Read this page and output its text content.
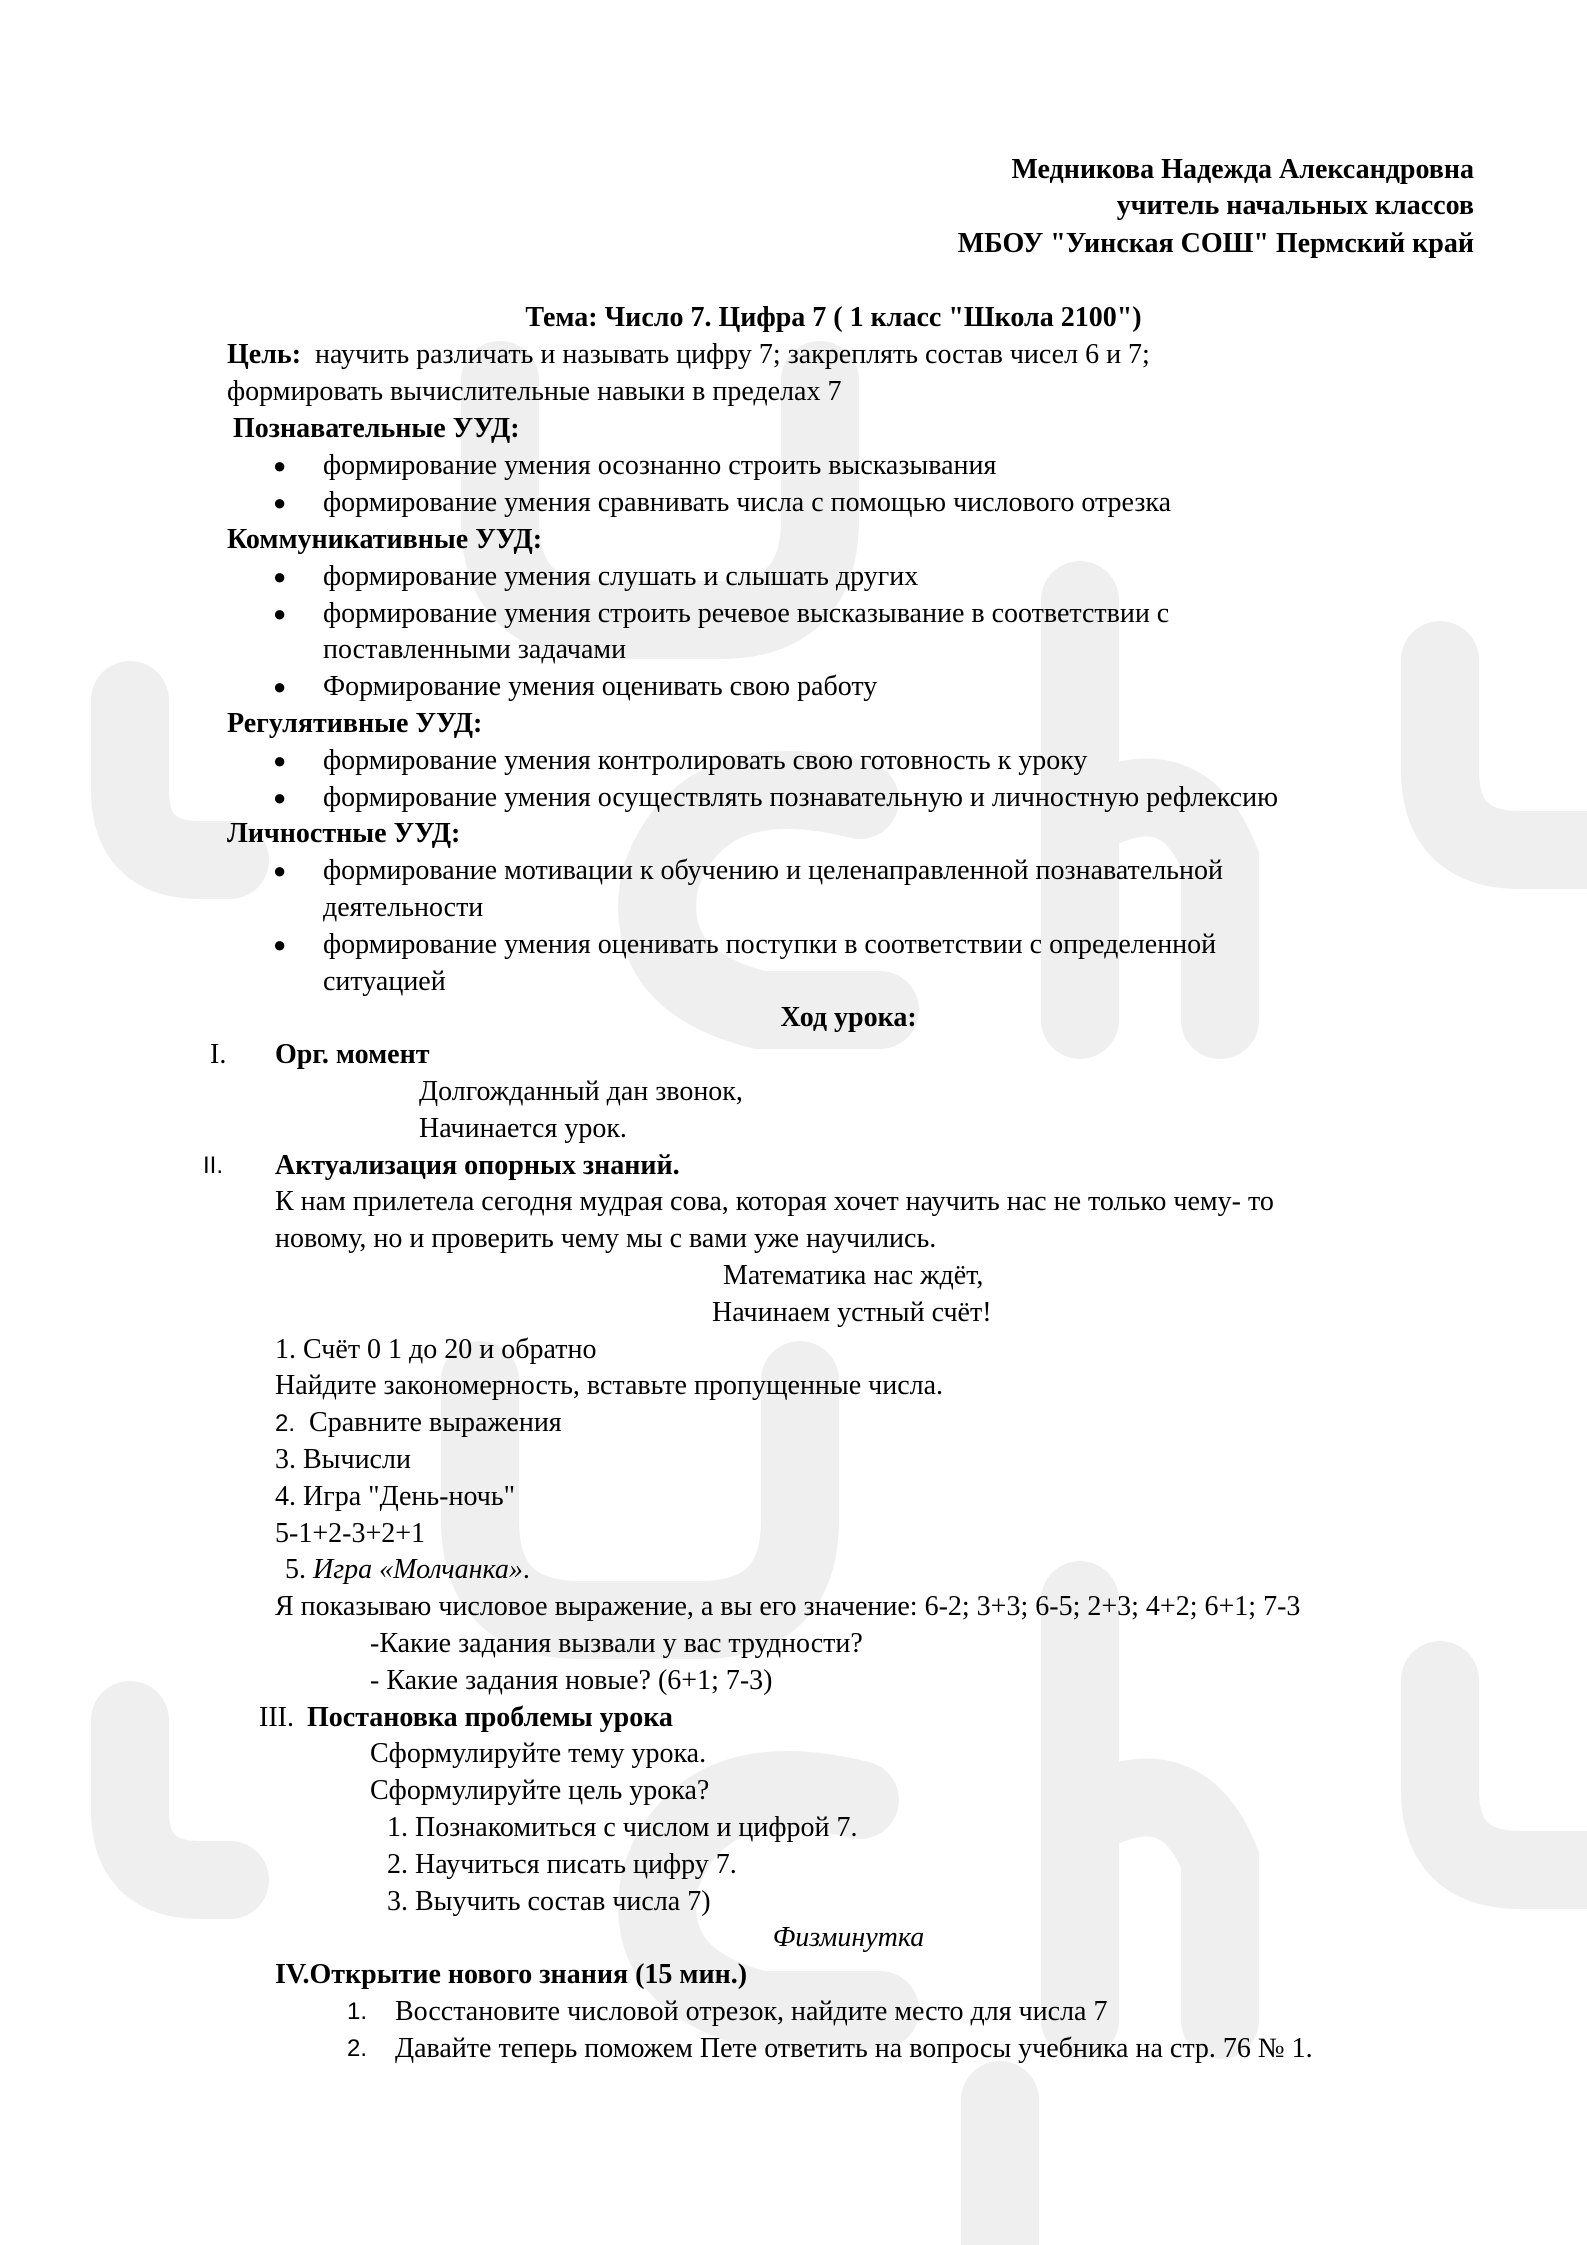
Медникова Надежда Александровна
учитель начальных классов
МБОУ "Уинская СОШ" Пермский край
Тема: Число 7. Цифра 7 ( 1 класс "Школа 2100")
Цель: научить различать и называть цифру 7; закреплять состав чисел 6 и 7;
формировать вычислительные навыки в пределах 7
Познавательные УУД:
● формирование умения осознанно строить высказывания
● формирование умения сравнивать числа с помощью числового отрезка
Коммуникативные УУД:
● формирование умения слушать и слышать других
● формирование умения строить речевое высказывание в соответствии с
поставленными задачами
● Формирование умения оценивать свою работу
Регулятивные УУД:
● формирование умения контролировать свою готовность к уроку
● формирование умения осуществлять познавательную и личностную рефлексию
Личностные УУД:
● формирование мотивации к обучению и целенаправленной познавательной
деятельности
● формирование умения оценивать поступки в соответствии с определенной
ситуацией
Ход урока:
I. Орг. момент
Долгожданный дан звонок,
Начинается урок.
II. Актуализация опорных знаний.
К нам прилетела сегодня мудрая сова, которая хочет научить нас не только чему- то
новому, но и проверить чему мы с вами уже научились.
Математика нас ждёт,
Начинаем устный счёт!
1. Счёт 0 1 до 20 и обратно
Найдите закономерность, вставьте пропущенные числа.
2. Сравните выражения
3. Вычисли
4. Игра "День-ночь"
5-1+2-3+2+1
5. Игра «Молчанка».
Я показываю числовое выражение, а вы его значение: 6-2; 3+3; 6-5; 2+3; 4+2; 6+1; 7-3
-Какие задания вызвали у вас трудности?
- Какие задания новые? (6+1; 7-3)
III. Постановка проблемы урока
Сформулируйте тему урока.
Сформулируйте цель урока?
1. Познакомиться с числом и цифрой 7.
2. Научиться писать цифру 7.
3. Выучить состав числа 7)
Физминутка
IV.Открытие нового знания (15 мин.)
1. Восстановите числовой отрезок, найдите место для числа 7
2. Давайте теперь поможем Пете ответить на вопросы учебника на стр. 76 № 1.
